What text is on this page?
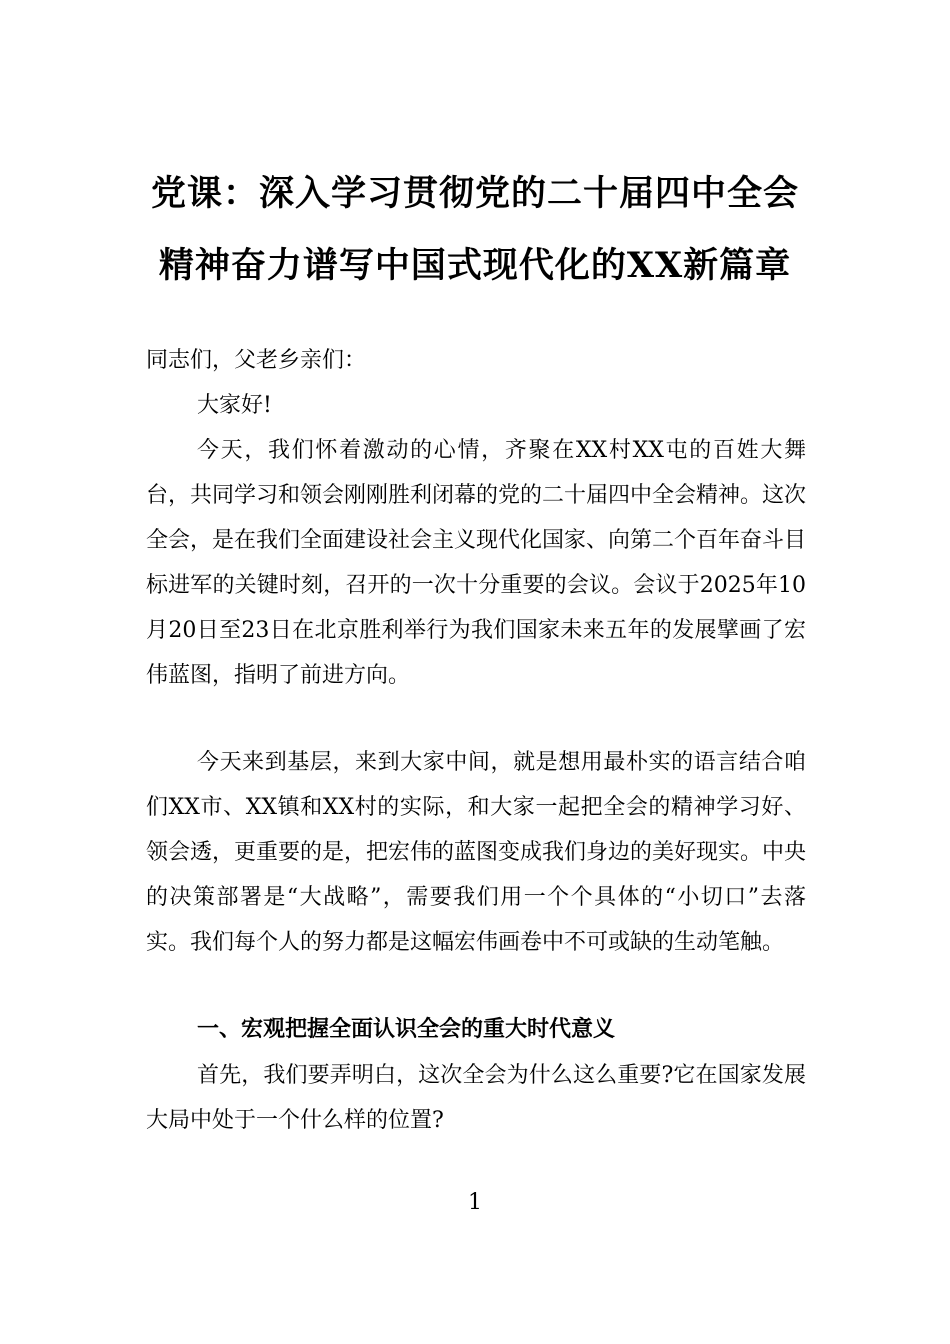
党课：深入学习贯彻党的二十届四中全会
精神奋力谱写中国式现代化的XX新篇章

同志们，父老乡亲们：

大家好!

今天，我们怀着激动的心情，齐聚在XX村XX屯的百姓大舞台，共同学习和领会刚刚胜利闭幕的党的二十届四中全会精神。这次全会，是在我们全面建设社会主义现代化国家、向第二个百年奋斗目标进军的关键时刻，召开的一次十分重要的会议。会议于2025年10月20日至23日在北京胜利举行为我们国家未来五年的发展擘画了宏伟蓝图，指明了前进方向。

今天来到基层，来到大家中间，就是想用最朴实的语言结合咱们XX市、XX镇和XX村的实际，和大家一起把全会的精神学习好、领会透，更重要的是，把宏伟的蓝图变成我们身边的美好现实。中央的决策部署是“大战略”，需要我们用一个个具体的“小切口”去落实。我们每个人的努力都是这幅宏伟画卷中不可或缺的生动笔触。

一、宏观把握全面认识全会的重大时代意义

首先，我们要弄明白，这次全会为什么这么重要?它在国家发展大局中处于一个什么样的位置?

1
